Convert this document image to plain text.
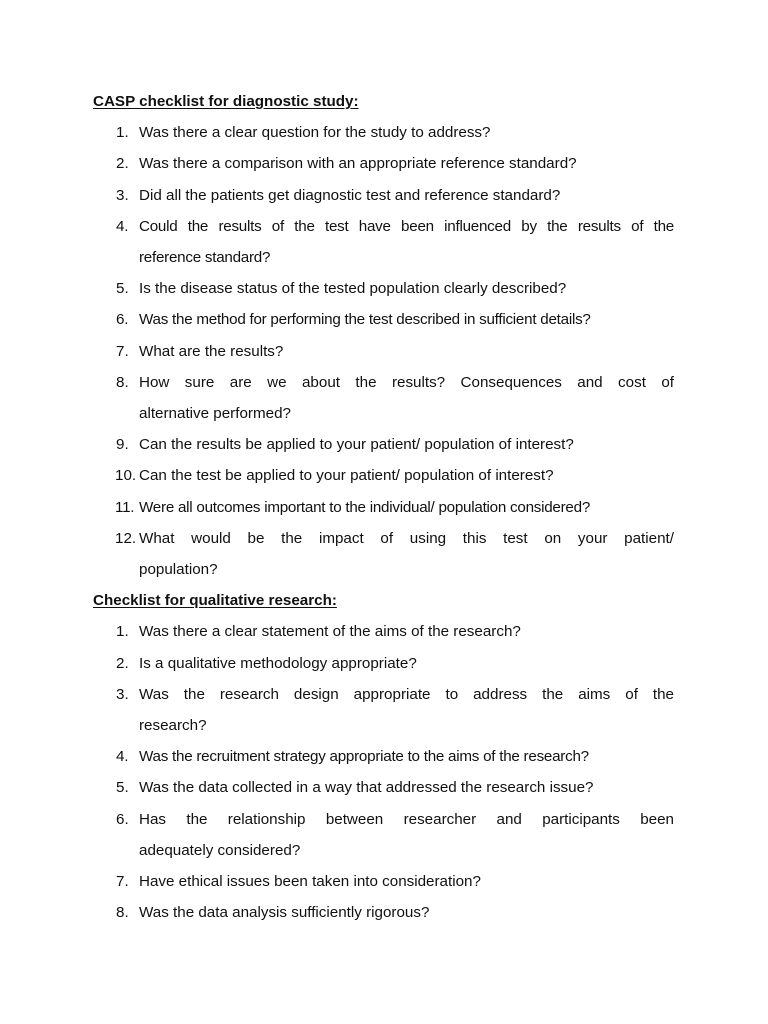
CASP checklist for diagnostic study:
1. Was there a clear question for the study to address?
2. Was there a comparison with an appropriate reference standard?
3. Did all the patients get diagnostic test and reference standard?
4. Could the results of the test have been influenced by the results of the
reference standard?
5. Is the disease status of the tested population clearly described?
6. Was the method for performing the test described in sufficient details?
7. What are the results?
8. How sure are we about the results? Consequences and cost of
alternative performed?
9. Can the results be applied to your patient/ population of interest?
10. Can the test be applied to your patient/ population of interest?
11. Were all outcomes important to the individual/ population considered?
12. What would be the impact of using this test on your patient/
population?
Checklist for qualitative research:
1. Was there a clear statement of the aims of the research?
2. Is a qualitative methodology appropriate?
3. Was the research design appropriate to address the aims of the
research?
4. Was the recruitment strategy appropriate to the aims of the research?
5. Was the data collected in a way that addressed the research issue?
6. Has the relationship between researcher and participants been
adequately considered?
7. Have ethical issues been taken into consideration?
8. Was the data analysis sufficiently rigorous?
